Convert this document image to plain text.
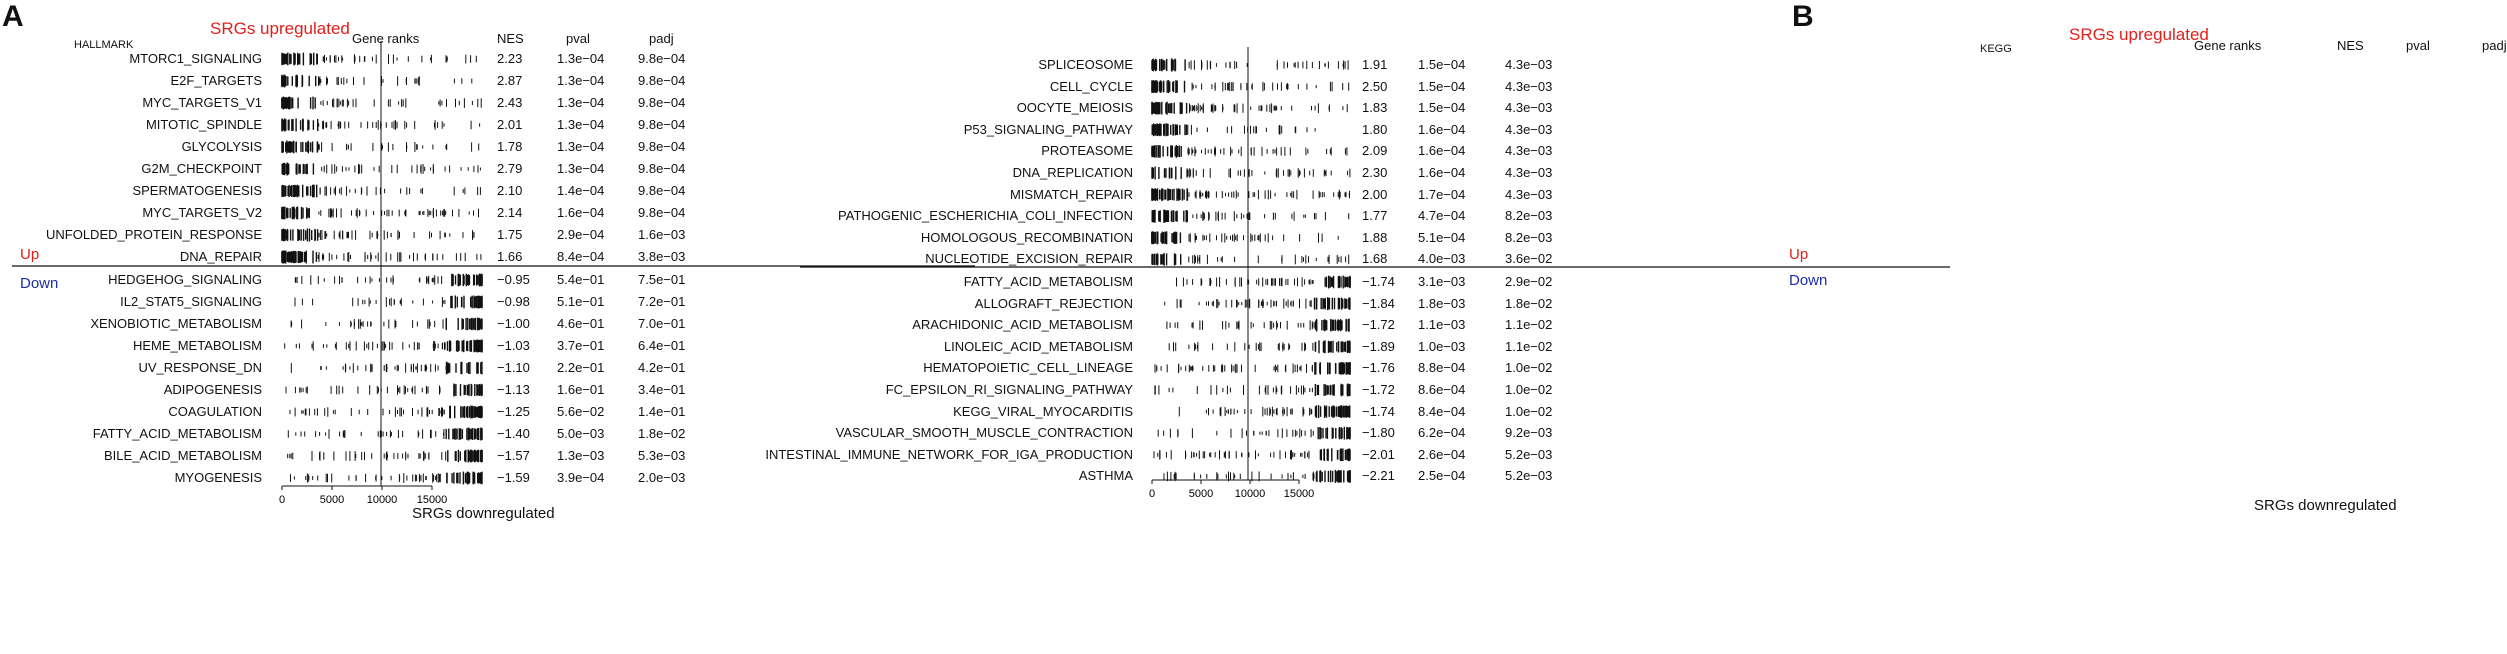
A
HALLMARK
SRGs upregulated
Gene ranks	NES	pval	padj
Up
Down
SRGs downregulated
MTORC1_SIGNALING	2.23	1.3e−04	9.8e−04
E2F_TARGETS	2.87	1.3e−04	9.8e−04
MYC_TARGETS_V1	2.43	1.3e−04	9.8e−04
MITOTIC_SPINDLE	2.01	1.3e−04	9.8e−04
GLYCOLYSIS	1.78	1.3e−04	9.8e−04
G2M_CHECKPOINT	2.79	1.3e−04	9.8e−04
SPERMATOGENESIS	2.10	1.4e−04	9.8e−04
MYC_TARGETS_V2	2.14	1.6e−04	9.8e−04
UNFOLDED_PROTEIN_RESPONSE	1.75	2.9e−04	1.6e−03
DNA_REPAIR	1.66	8.4e−04	3.8e−03
HEDGEHOG_SIGNALING	−0.95 5.4e−01	7.5e−01
IL2_STAT5_SIGNALING	−0.98 5.1e−01	7.2e−01
XENOBIOTIC_METABOLISM	−1.00 4.6e−01	7.0e−01
HEME_METABOLISM	−1.03 3.7e−01	6.4e−01
UV_RESPONSE_DN	−1.10 2.2e−01	4.2e−01
ADIPOGENESIS	−1.13 1.6e−01	3.4e−01
COAGULATION	−1.25 5.6e−02	1.4e−01
FATTY_ACID_METABOLISM	−1.40 5.0e−03	1.8e−02
BILE_ACID_METABOLISM	−1.57 1.3e−03	5.3e−03
MYOGENESIS	−1.59 3.9e−04	2.0e−03
0	5000 10000 15000
B
KEGG
SRGs upregulated
Gene ranks	NES	pval	padj
Up
Down
SRGs downregulated
SPLICEOSOME	1.91 1.5e−04	4.3e−03
CELL_CYCLE	2.50 1.5e−04	4.3e−03
OOCYTE_MEIOSIS	1.83 1.5e−04	4.3e−03
P53_SIGNALING_PATHWAY	1.80 1.6e−04	4.3e−03
PROTEASOME	2.09 1.6e−04	4.3e−03
DNA_REPLICATION	2.30 1.6e−04	4.3e−03
MISMATCH_REPAIR	2.00 1.7e−04	4.3e−03
PATHOGENIC_ESCHERICHIA_COLI_INFECTION	1.77 4.7e−04	8.2e−03
HOMOLOGOUS_RECOMBINATION	1.88 5.1e−04	8.2e−03
NUCLEOTIDE_EXCISION_REPAIR	1.68 4.0e−03	3.6e−02
FATTY_ACID_METABOLISM	−1.74 3.1e−03	2.9e−02
ALLOGRAFT_REJECTION	−1.84 1.8e−03	1.8e−02
ARACHIDONIC_ACID_METABOLISM	−1.72 1.1e−03	1.1e−02
LINOLEIC_ACID_METABOLISM	−1.89 1.0e−03	1.1e−02
HEMATOPOIETIC_CELL_LINEAGE	−1.76 8.8e−04	1.0e−02
FC_EPSILON_RI_SIGNALING_PATHWAY	−1.72 8.6e−04	1.0e−02
KEGG_VIRAL_MYOCARDITIS	−1.74 8.4e−04	1.0e−02
VASCULAR_SMOOTH_MUSCLE_CONTRACTION	−1.80 6.2e−04	9.2e−03
INTESTINAL_IMMUNE_NETWORK_FOR_IGA_PRODUCTION	−2.01 2.6e−04	5.2e−03
ASTHMA	−2.21 2.5e−04	5.2e−03
0	5000 10000 15000
